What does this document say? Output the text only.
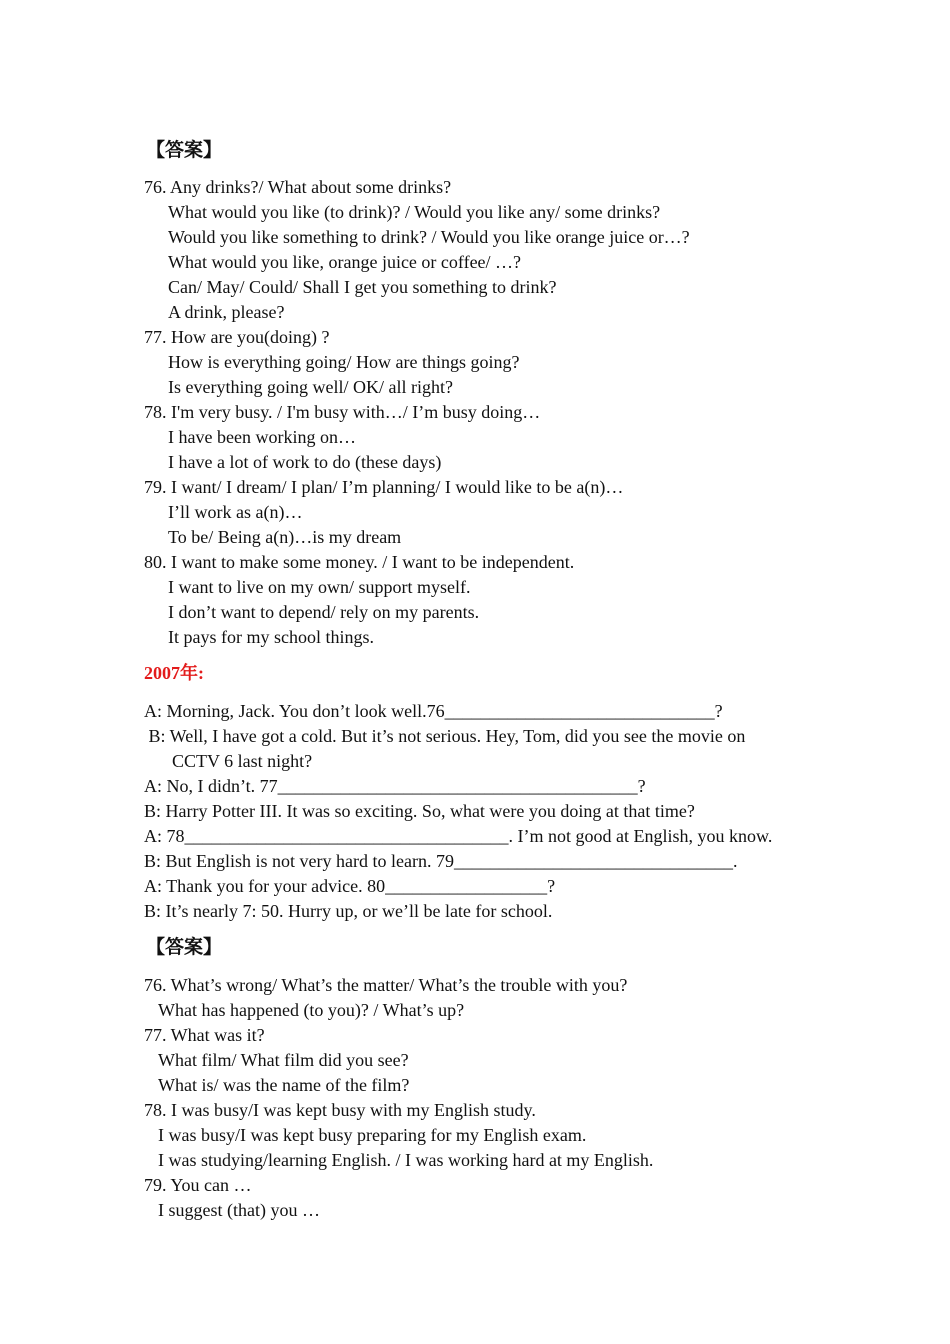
【答案】
76. Any drinks?/ What about some drinks?
What would you like (to drink)? / Would you like any/ some drinks?
Would you like something to drink? / Would you like orange juice or…?
What would you like, orange juice or coffee/ …?
Can/ May/ Could/ Shall I get you something to drink?
A drink, please?
77. How are you(doing) ?
How is everything going/ How are things going?
Is everything going well/ OK/ all right?
78. I'm very busy. / I'm busy with…/ I’m busy doing…
I have been working on…
I have a lot of work to do (these days)
79. I want/ I dream/ I plan/ I’m planning/ I would like to be a(n)…
I’ll work as a(n)…
To be/ Being a(n)…is my dream
80. I want to make some money. / I want to be independent.
I want to live on my own/ support myself.
I don’t want to depend/ rely on my parents.
It pays for my school things.
2007年:
A: Morning, Jack. You don’t look well.76______________________________?
B: Well, I have got a cold. But it’s not serious. Hey, Tom, did you see the movie on
CCTV 6 last night?
A: No, I didn’t. 77________________________________________?
B: Harry Potter III. It was so exciting. So, what were you doing at that time?
A: 78____________________________________. I’m not good at English, you know.
B: But English is not very hard to learn. 79_______________________________.
A: Thank you for your advice. 80__________________?
B: It’s nearly 7: 50. Hurry up, or we’ll be late for school.
【答案】
76. What’s wrong/ What’s the matter/ What’s the trouble with you?
What has happened (to you)? / What’s up?
77. What was it?
What film/ What film did you see?
What is/ was the name of the film?
78. I was busy/I was kept busy with my English study.
I was busy/I was kept busy preparing for my English exam.
I was studying/learning English. / I was working hard at my English.
79. You can …
I suggest (that) you …
